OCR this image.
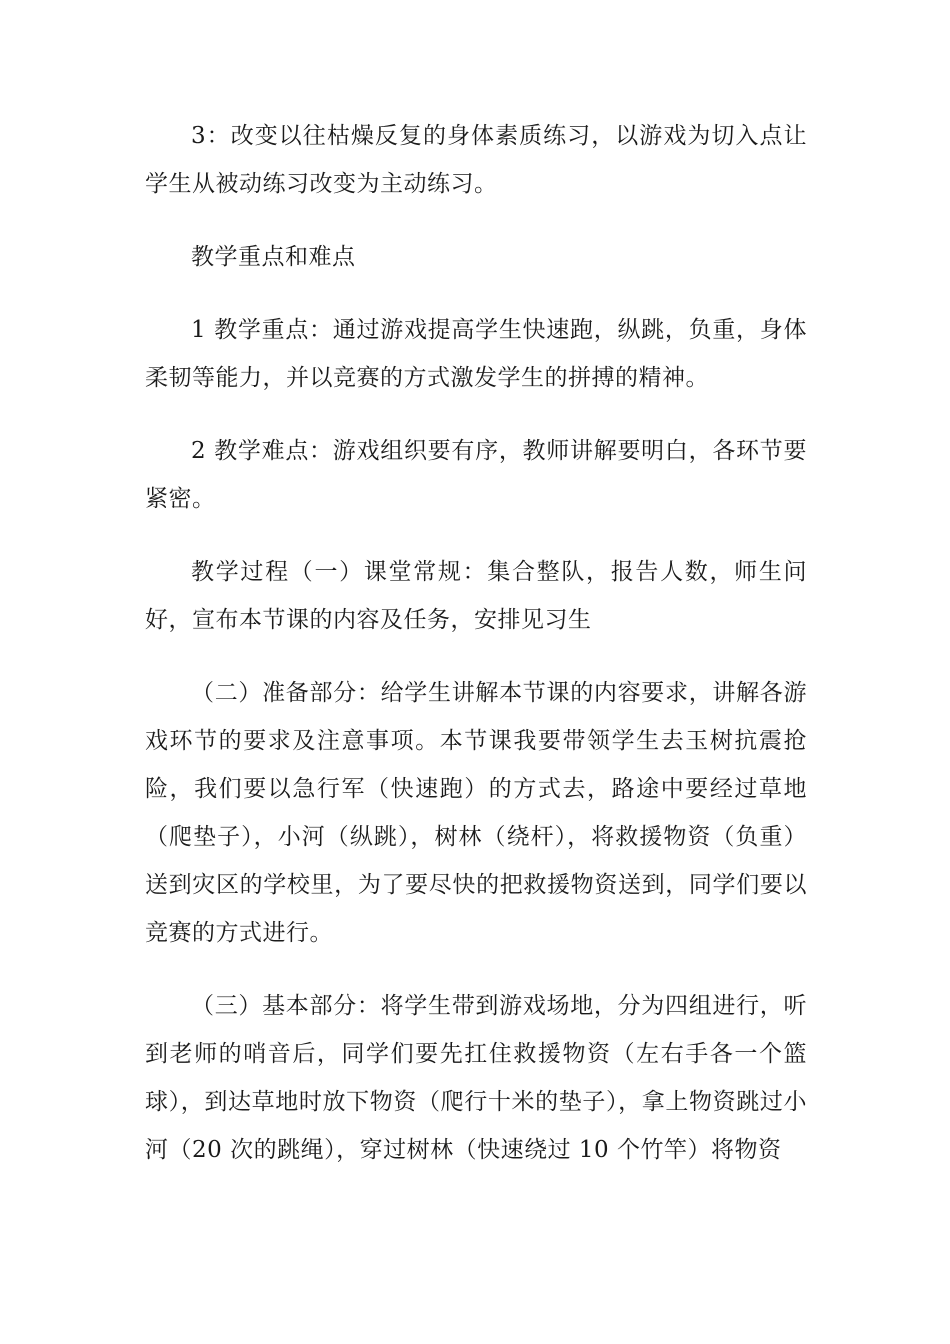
3：改变以往枯燥反复的身体素质练习，以游戏为切入点让学生从被动练习改变为主动练习。

教学重点和难点

1 教学重点：通过游戏提高学生快速跑，纵跳，负重，身体柔韧等能力，并以竞赛的方式激发学生的拼搏的精神。

2 教学难点：游戏组织要有序，教师讲解要明白，各环节要紧密。

教学过程（一）课堂常规：集合整队，报告人数，师生问好，宣布本节课的内容及任务，安排见习生

（二）准备部分：给学生讲解本节课的内容要求，讲解各游戏环节的要求及注意事项。本节课我要带领学生去玉树抗震抢险，我们要以急行军（快速跑）的方式去，路途中要经过草地（爬垫子），小河（纵跳），树林（绕杆），将救援物资（负重）送到灾区的学校里，为了要尽快的把救援物资送到，同学们要以竞赛的方式进行。

（三）基本部分：将学生带到游戏场地，分为四组进行，听到老师的哨音后，同学们要先扛住救援物资（左右手各一个篮球），到达草地时放下物资（爬行十米的垫子），拿上物资跳过小河（20 次的跳绳），穿过树林（快速绕过 10 个竹竿）将物资
